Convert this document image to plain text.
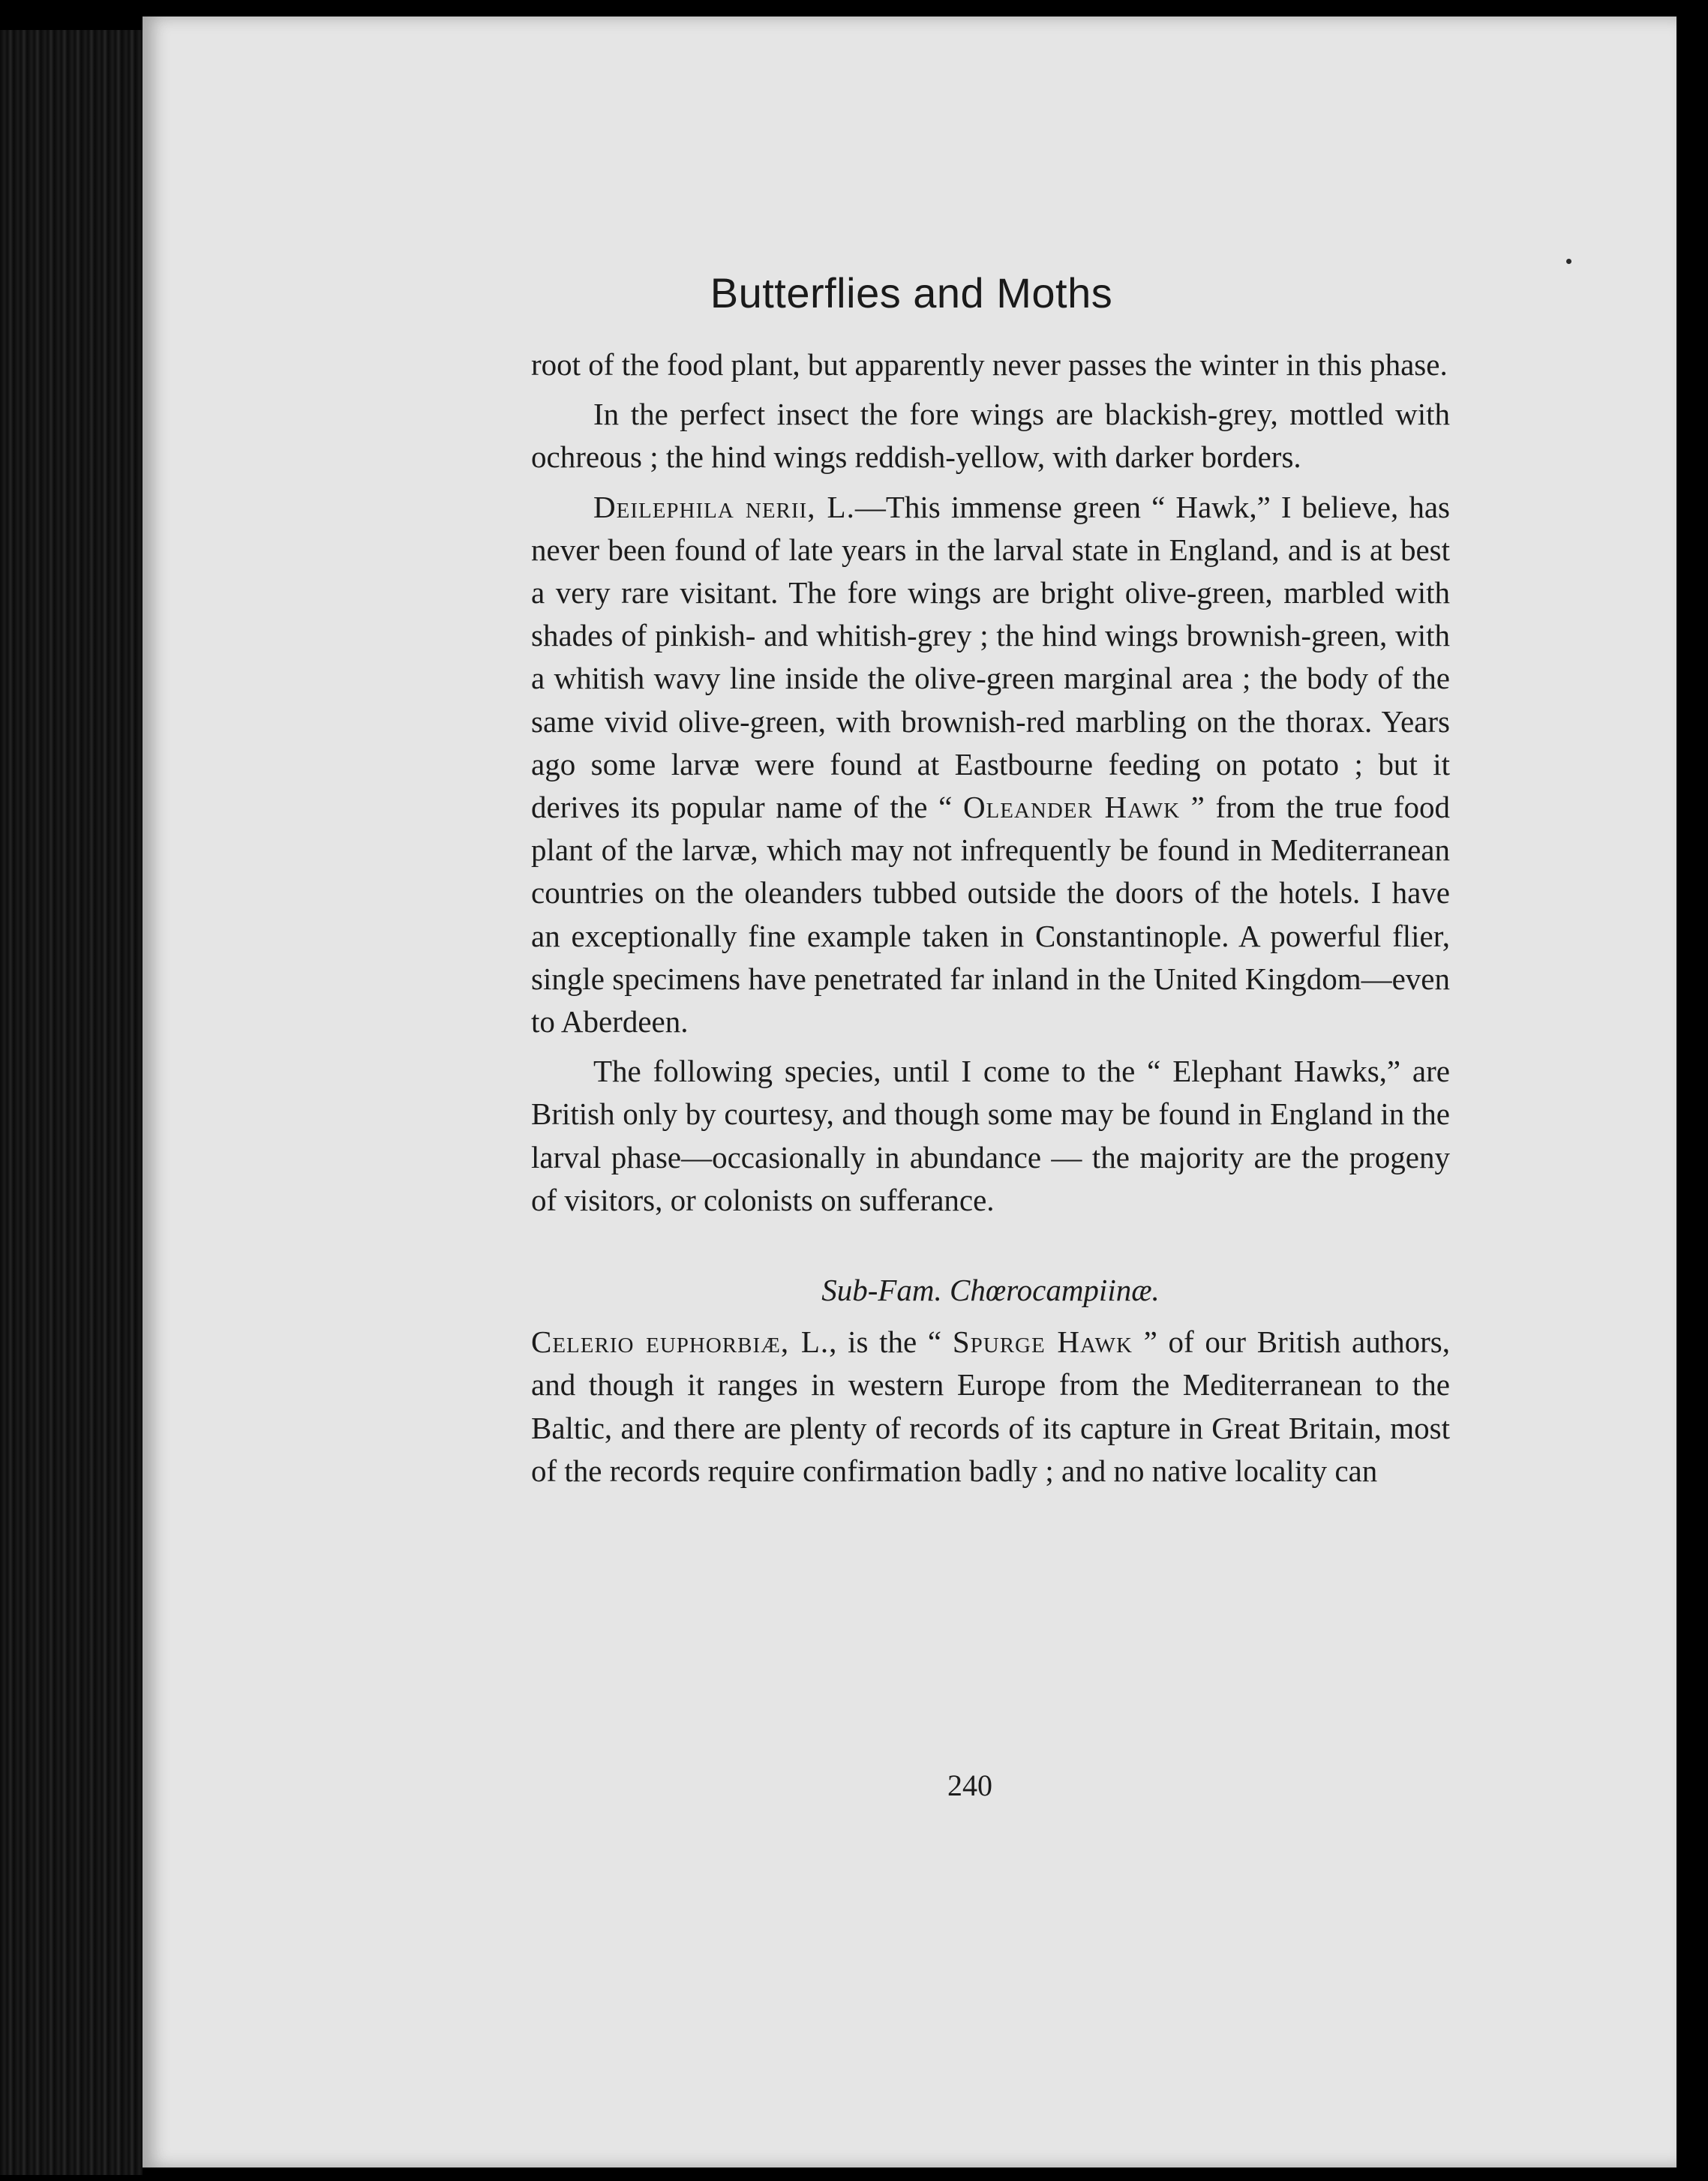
Butterflies and Moths

root of the food plant, but apparently never passes the winter in this phase.

In the perfect insect the fore wings are blackish-grey, mottled with ochreous ; the hind wings reddish-yellow, with darker borders.

Deilephila nerii, L.—This immense green “ Hawk,” I believe, has never been found of late years in the larval state in England, and is at best a very rare visitant. The fore wings are bright olive-green, marbled with shades of pinkish- and whitish-grey ; the hind wings brownish-green, with a whitish wavy line inside the olive-green marginal area ; the body of the same vivid olive-green, with brownish-red marbling on the thorax. Years ago some larvæ were found at Eastbourne feeding on potato ; but it derives its popular name of the “ Oleander Hawk ” from the true food plant of the larvæ, which may not infrequently be found in Mediterranean countries on the oleanders tubbed outside the doors of the hotels. I have an exceptionally fine example taken in Constantinople. A powerful flier, single specimens have penetrated far inland in the United Kingdom—even to Aberdeen.

The following species, until I come to the “ Elephant Hawks,” are British only by courtesy, and though some may be found in England in the larval phase—occasionally in abundance — the majority are the progeny of visitors, or colonists on sufferance.

Sub-Fam. Chœrocampiinæ.

Celerio euphorbiæ, L., is the “ Spurge Hawk ” of our British authors, and though it ranges in western Europe from the Mediterranean to the Baltic, and there are plenty of records of its capture in Great Britain, most of the records require confirmation badly ; and no native locality can

240
